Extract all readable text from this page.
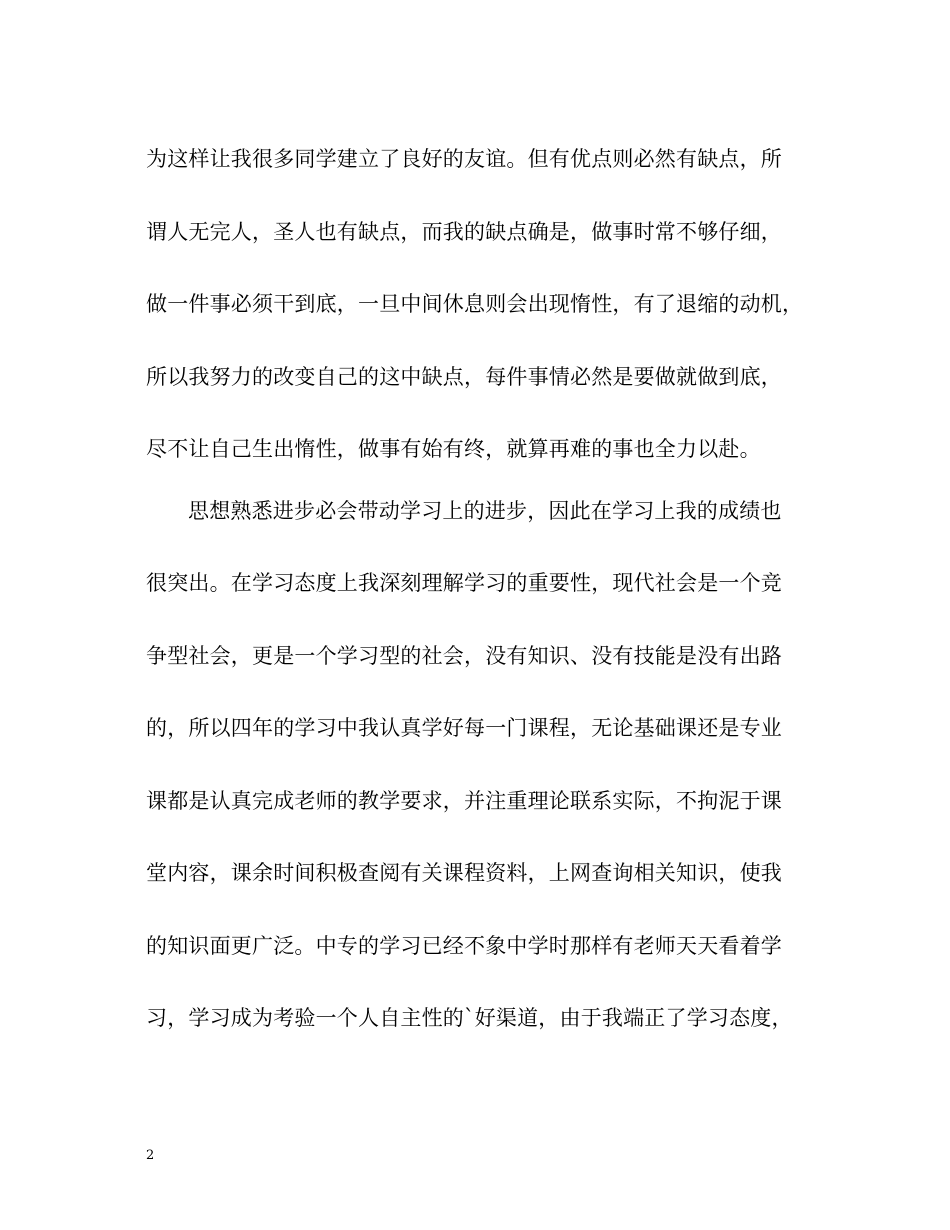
为这样让我很多同学建立了良好的友谊。但有优点则必然有缺点，所
谓人无完人，圣人也有缺点，而我的缺点确是，做事时常不够仔细，
做一件事必须干到底，一旦中间休息则会出现惰性，有了退缩的动机，
所以我努力的改变自己的这中缺点，每件事情必然是要做就做到底，
尽不让自己生出惰性，做事有始有终，就算再难的事也全力以赴。
思想熟悉进步必会带动学习上的进步，因此在学习上我的成绩也
很突出。在学习态度上我深刻理解学习的重要性，现代社会是一个竞
争型社会，更是一个学习型的社会，没有知识、没有技能是没有出路
的，所以四年的学习中我认真学好每一门课程，无论基础课还是专业
课都是认真完成老师的教学要求，并注重理论联系实际，不拘泥于课
堂内容，课余时间积极查阅有关课程资料，上网查询相关知识，使我
的知识面更广泛。中专的学习已经不象中学时那样有老师天天看着学
习，学习成为考验一个人自主性的`好渠道，由于我端正了学习态度，
2
